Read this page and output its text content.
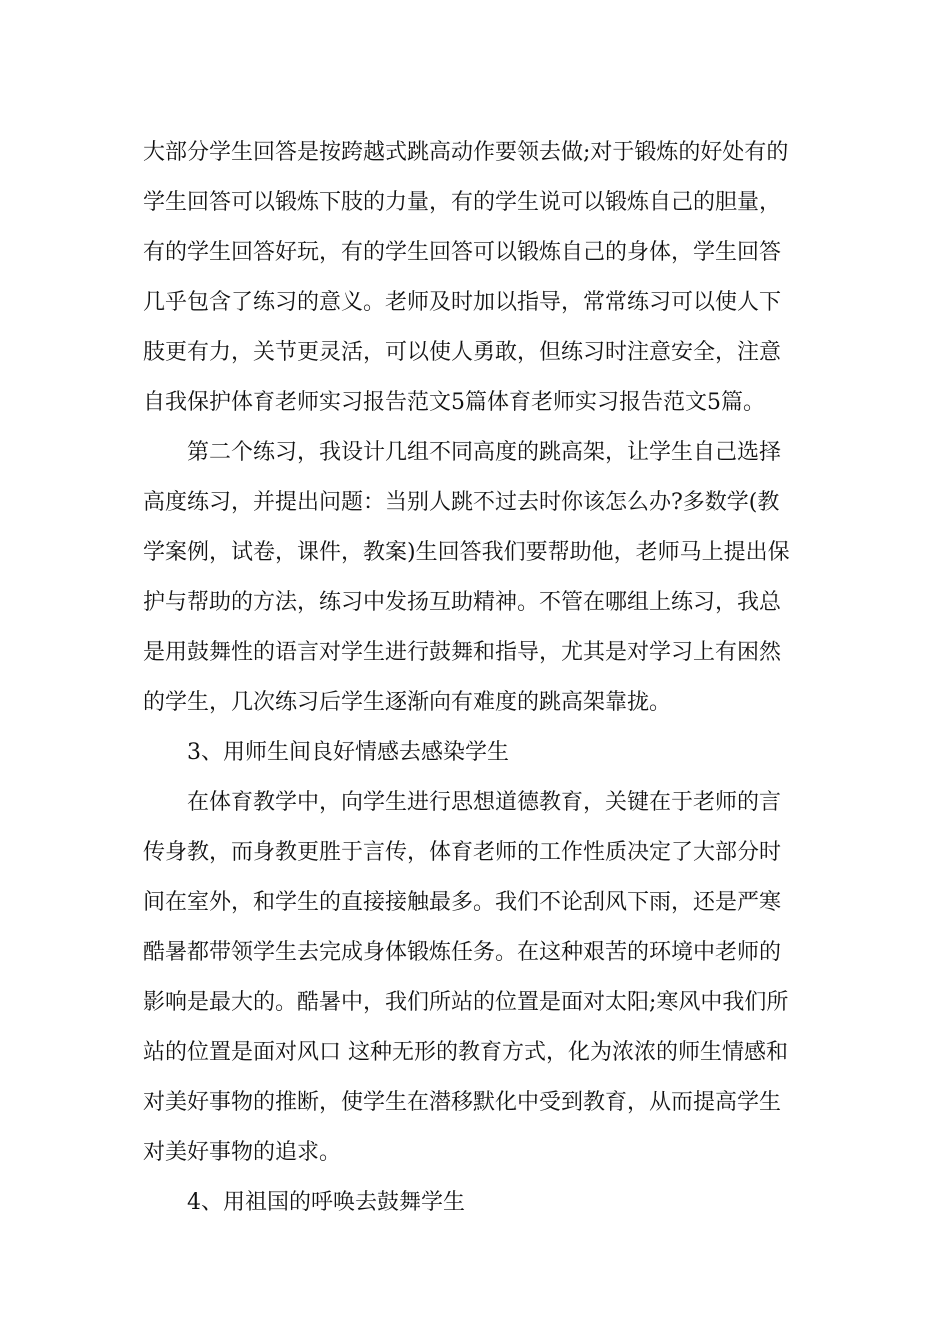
大部分学生回答是按跨越式跳高动作要领去做;对于锻炼的好处有的
学生回答可以锻炼下肢的力量，有的学生说可以锻炼自己的胆量，
有的学生回答好玩，有的学生回答可以锻炼自己的身体，学生回答
几乎包含了练习的意义。老师及时加以指导，常常练习可以使人下
肢更有力，关节更灵活，可以使人勇敢，但练习时注意安全，注意
自我保护体育老师实习报告范文5篇体育老师实习报告范文5篇。

第二个练习，我设计几组不同高度的跳高架，让学生自己选择
高度练习，并提出问题：当别人跳不过去时你该怎么办?多数学(教
学案例，试卷，课件，教案)生回答我们要帮助他，老师马上提出保
护与帮助的方法，练习中发扬互助精神。不管在哪组上练习，我总
是用鼓舞性的语言对学生进行鼓舞和指导，尤其是对学习上有困然
的学生，几次练习后学生逐渐向有难度的跳高架靠拢。

3、用师生间良好情感去感染学生

在体育教学中，向学生进行思想道德教育，关键在于老师的言
传身教，而身教更胜于言传，体育老师的工作性质决定了大部分时
间在室外，和学生的直接接触最多。我们不论刮风下雨，还是严寒
酷暑都带领学生去完成身体锻炼任务。在这种艰苦的环境中老师的
影响是最大的。酷暑中，我们所站的位置是面对太阳;寒风中我们所
站的位置是面对风口 这种无形的教育方式，化为浓浓的师生情感和
对美好事物的推断，使学生在潜移默化中受到教育，从而提高学生
对美好事物的追求。

4、用祖国的呼唤去鼓舞学生
